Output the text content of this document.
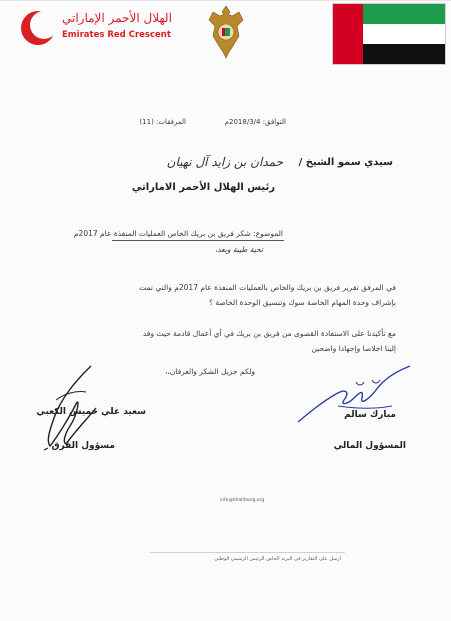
الهلال الأحمر الإماراتي
Emirates Red Crescent
التوافق: 2018/3/4م
المرفقات: (11)
سيدي سمو الشيخ /
حمدان بن زايد آل نهيان
رئيس الهلال الأحمر الاماراتي
الموضوع: شكر فريق بن بريك الخاص العمليات المنفذة عام 2017م
تحية طيبة وبعد،
في المرفق تقرير فريق بن بريك والخاص بالعمليات المنفذة عام 2017م والتي تمت
بإشراف وحدة المهام الخاصة سوك وتنسيق الوحدة الخاصة ؟
مع تأكيدنا على الاستفادة القصوى من فريق بن بريك في أي أعمال قادمة حيث وفد
إلينا اخلاصا وإجهادا واضحين
ولكم جزيل الشكر والعرفان،،
سعيد علي خميس الكعبي
مسؤول الفرق
مبارك سالم
المسؤول المالي
info@khalifaorg.org
ارسل على التقارير في البريد الخاص الرئيس الرسمي الوطني
